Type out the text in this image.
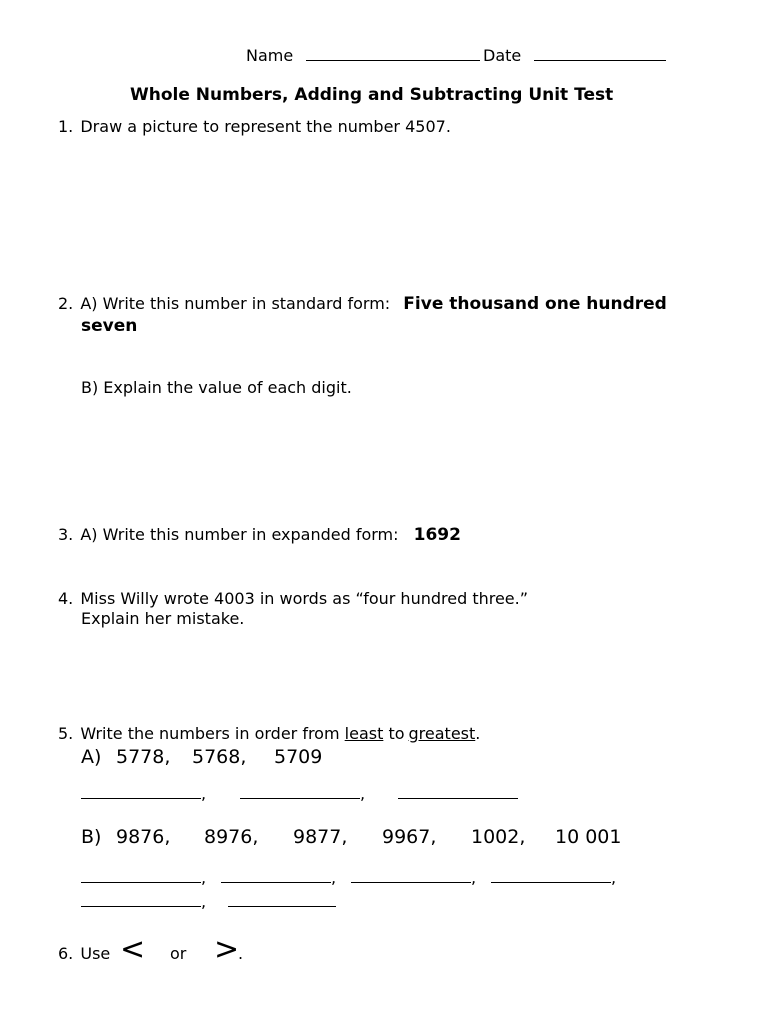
Name	Date
Whole Numbers, Adding and Subtracting Unit Test
1. Draw a picture to represent the number 4507.
2. A) Write this number in standard form: Five thousand one hundred
seven
B) Explain the value of each digit.
3. A) Write this number in expanded form: 1692
4. Miss Willy wrote 4003 in words as “four hundred three.”
Explain her mistake.
5. Write the numbers in order from least to greatest.
A) 5778, 5768, 5709
,	,
B) 9876, 8976, 9877, 9967, 1002, 10 001
,	,	,	,
,
6. Use < or >
.
